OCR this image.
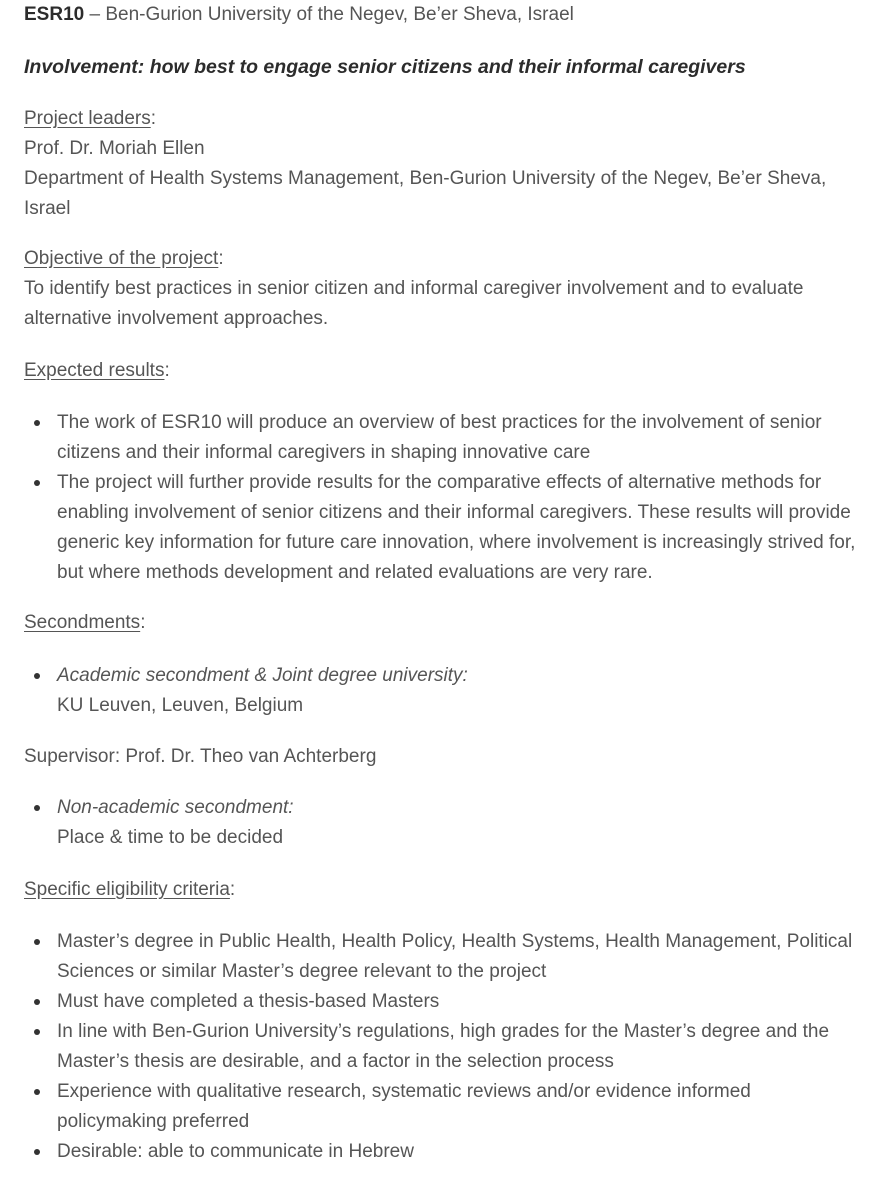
ESR10 – Ben-Gurion University of the Negev, Be’er Sheva, Israel

Involvement: how best to engage senior citizens and their informal caregivers

Project leaders:
Prof. Dr. Moriah Ellen
Department of Health Systems Management, Ben-Gurion University of the Negev, Be’er Sheva, Israel
Objective of the project:
To identify best practices in senior citizen and informal caregiver involvement and to evaluate alternative involvement approaches.
Expected results:
The work of ESR10 will produce an overview of best practices for the involvement of senior citizens and their informal caregivers in shaping innovative care
The project will further provide results for the comparative effects of alternative methods for enabling involvement of senior citizens and their informal caregivers. These results will provide generic key information for future care innovation, where involvement is increasingly strived for, but where methods development and related evaluations are very rare.
Secondments:
Academic secondment & Joint degree university:
KU Leuven, Leuven, Belgium
Supervisor: Prof. Dr. Theo van Achterberg
Non-academic secondment:
Place & time to be decided
Specific eligibility criteria:
Master’s degree in Public Health, Health Policy, Health Systems, Health Management, Political Sciences or similar Master’s degree relevant to the project
Must have completed a thesis-based Masters
In line with Ben-Gurion University’s regulations, high grades for the Master’s degree and the Master’s thesis are desirable, and a factor in the selection process
Experience with qualitative research, systematic reviews and/or evidence informed policymaking preferred
Desirable: able to communicate in Hebrew
